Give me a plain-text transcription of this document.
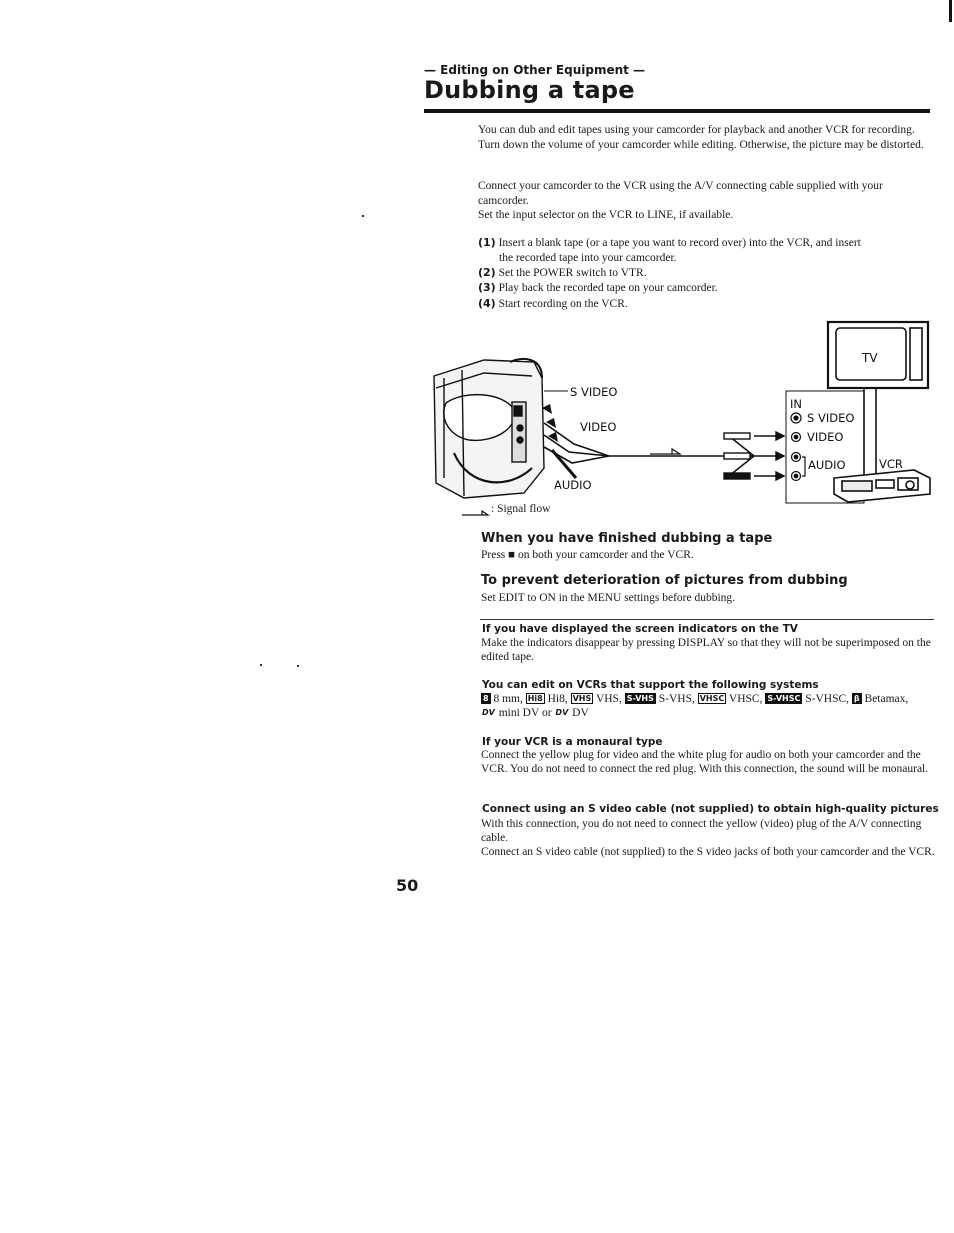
— Editing on Other Equipment —
Dubbing a tape
You can dub and edit tapes using your camcorder for playback and another VCR for recording. Turn down the volume of your camcorder while editing. Otherwise, the picture may be distorted.
Connect your camcorder to the VCR using the A/V connecting cable supplied with your camcorder.
Set the input selector on the VCR to LINE, if available.
(1) Insert a blank tape (or a tape you want to record over) into the VCR, and insert
the recorded tape into your camcorder.
(2) Set the POWER switch to VTR.
(3) Play back the recorded tape on your camcorder.
(4) Start recording on the VCR.
S VIDEO
VIDEO
AUDIO
IN
S VIDEO
VIDEO
AUDIO	VCR
TV
: Signal flow
When you have finished dubbing a tape
Press ■ on both your camcorder and the VCR.
To prevent deterioration of pictures from dubbing
Set EDIT to ON in the MENU settings before dubbing.
If you have displayed the screen indicators on the TV
Make the indicators disappear by pressing DISPLAY so that they will not be superimposed on the edited tape.
You can edit on VCRs that support the following systems
8 8 mm, Hi8 Hi8, VHS VHS, S-VHS S-VHS, VHSC VHSC, S-VHSC S-VHSC, β Betamax,
DV mini DV or DV DV
If your VCR is a monaural type
Connect the yellow plug for video and the white plug for audio on both your camcorder and the VCR. You do not need to connect the red plug. With this connection, the sound will be monaural.
Connect using an S video cable (not supplied) to obtain high-quality pictures
With this connection, you do not need to connect the yellow (video) plug of the A/V connecting cable.
Connect an S video cable (not supplied) to the S video jacks of both your camcorder and the VCR.
50
